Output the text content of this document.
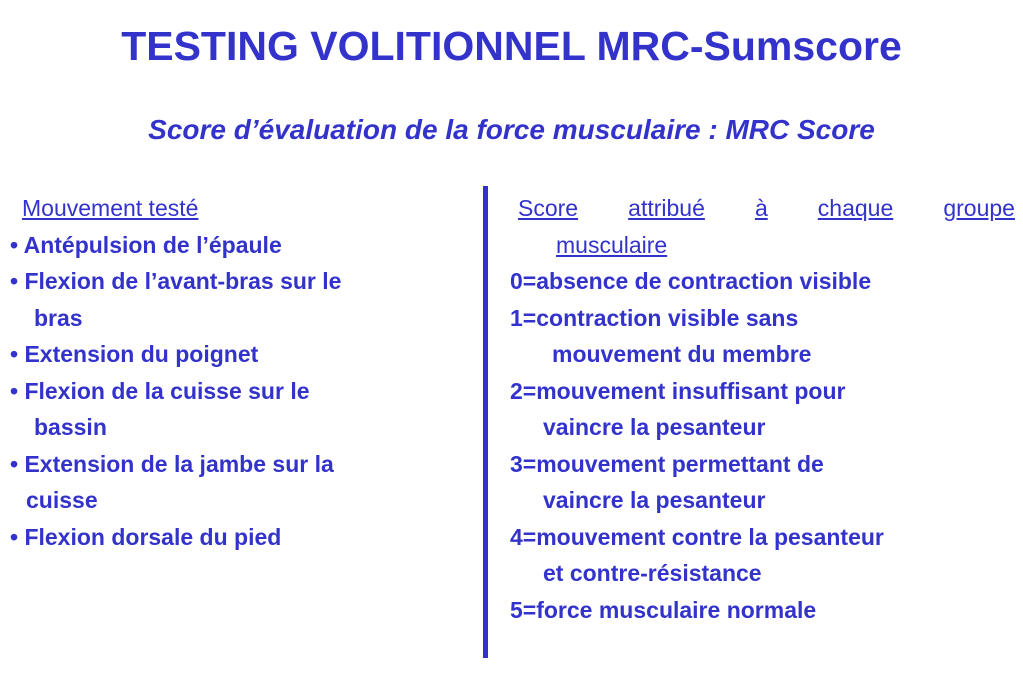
TESTING VOLITIONNEL MRC-Sumscore
Score d’évaluation de la force musculaire : MRC Score
Mouvement testé
• Antépulsion de l’épaule
• Flexion de l’avant-bras sur le
bras
• Extension du poignet
• Flexion de la cuisse sur le
bassin
• Extension de la jambe sur la
cuisse
• Flexion dorsale du pied
Score attribué à chaque groupe
musculaire
0=absence de contraction visible
1=contraction visible sans
mouvement du membre
2=mouvement insuffisant pour
vaincre la pesanteur
3=mouvement permettant de
vaincre la pesanteur
4=mouvement contre la pesanteur
et contre-résistance
5=force musculaire normale
